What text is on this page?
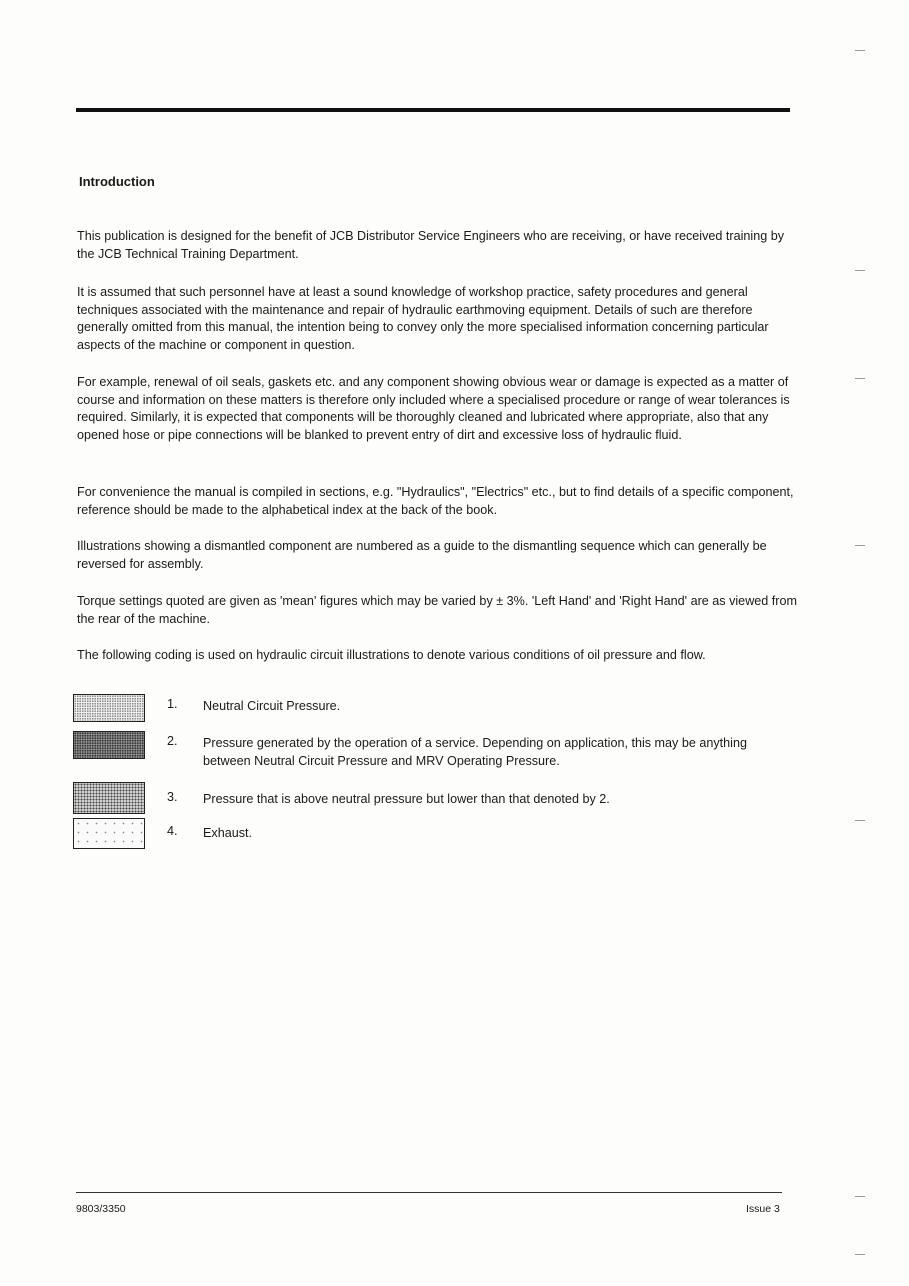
Introduction

This publication is designed for the benefit of JCB Distributor Service Engineers who are receiving, or have received training by the JCB Technical Training Department.

It is assumed that such personnel have at least a sound knowledge of workshop practice, safety procedures and general techniques associated with the maintenance and repair of hydraulic earthmoving equipment. Details of such are therefore generally omitted from this manual, the intention being to convey only the more specialised information concerning particular aspects of the machine or component in question.

For example, renewal of oil seals, gaskets etc. and any component showing obvious wear or damage is expected as a matter of course and information on these matters is therefore only included where a specialised procedure or range of wear tolerances is required. Similarly, it is expected that components will be thoroughly cleaned and lubricated where appropriate, also that any opened hose or pipe connections will be blanked to prevent entry of dirt and excessive loss of hydraulic fluid.

For convenience the manual is compiled in sections, e.g. "Hydraulics", "Electrics" etc., but to find details of a specific component, reference should be made to the alphabetical index at the back of the book.

Illustrations showing a dismantled component are numbered as a guide to the dismantling sequence which can generally be reversed for assembly.

Torque settings quoted are given as 'mean' figures which may be varied by ± 3%. 'Left Hand' and 'Right Hand' are as viewed from the rear of the machine.

The following coding is used on hydraulic circuit illustrations to denote various conditions of oil pressure and flow.

1. Neutral Circuit Pressure.
2. Pressure generated by the operation of a service. Depending on application, this may be anything between Neutral Circuit Pressure and MRV Operating Pressure.
3. Pressure that is above neutral pressure but lower than that denoted by 2.
4. Exhaust.
9803/3350	Issue 3
